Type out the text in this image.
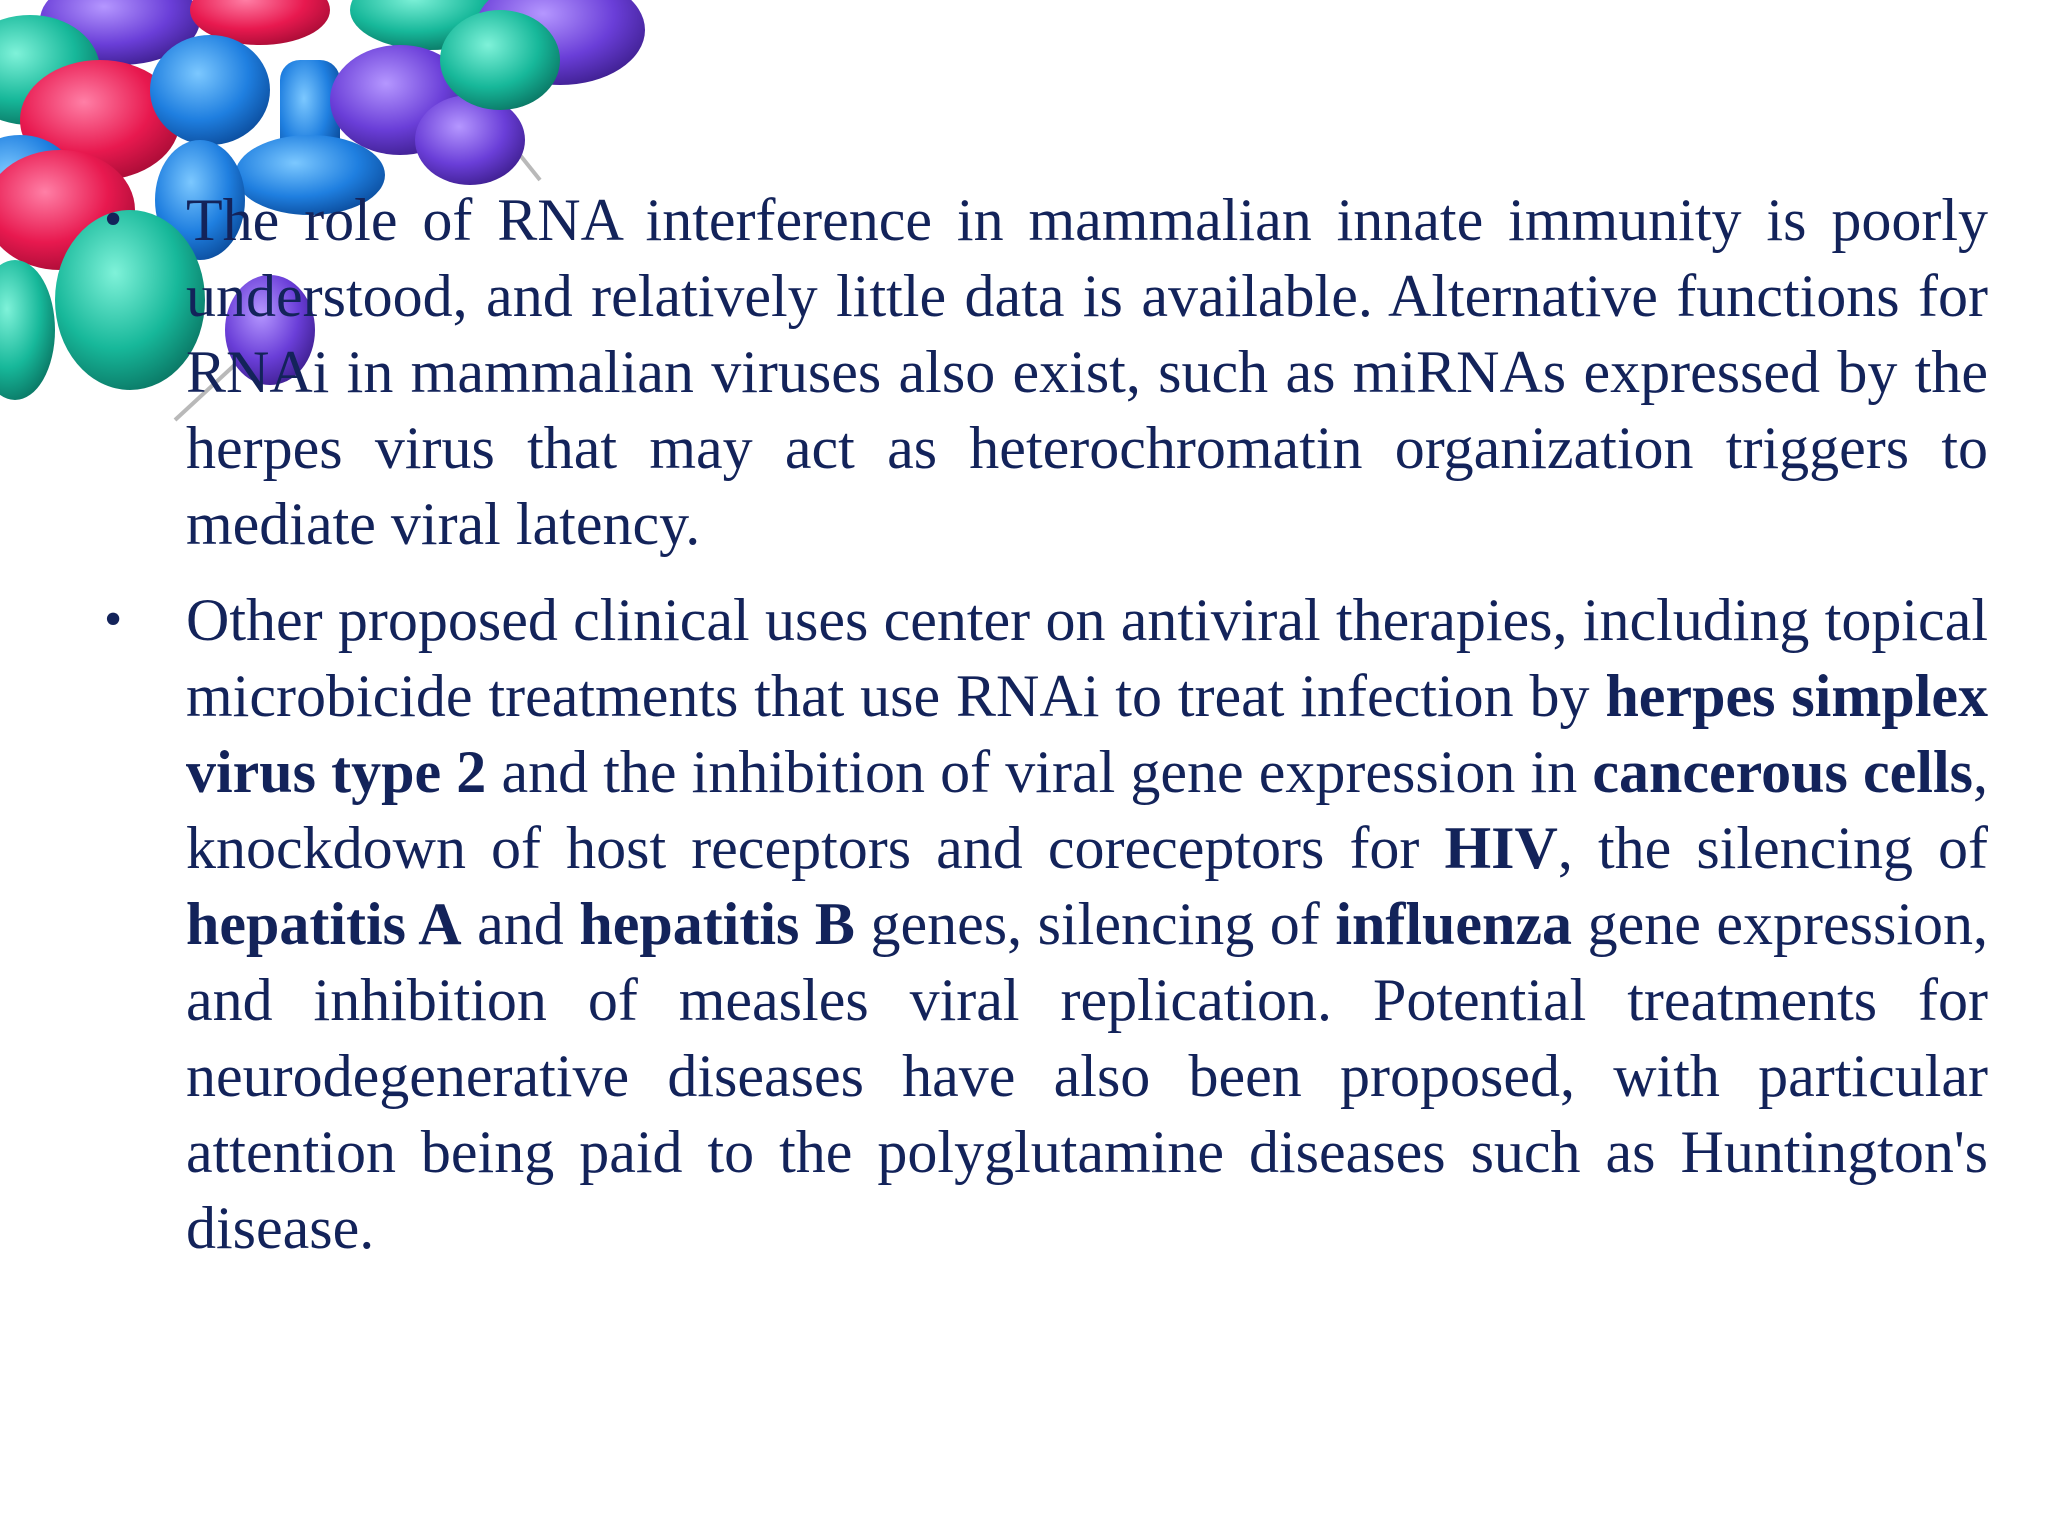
• The role of RNA interference in mammalian innate immunity is poorly understood, and relatively little data is available. Alternative functions for RNAi in mammalian viruses also exist, such as miRNAs expressed by the herpes virus that may act as heterochromatin organization triggers to mediate viral latency.
• Other proposed clinical uses center on antiviral therapies, including topical microbicide treatments that use RNAi to treat infection by herpes simplex virus type 2 and the inhibition of viral gene expression in cancerous cells, knockdown of host receptors and coreceptors for HIV, the silencing of hepatitis A and hepatitis B genes, silencing of influenza gene expression, and inhibition of measles viral replication. Potential treatments for neurodegenerative diseases have also been proposed, with particular attention being paid to the polyglutamine diseases such as Huntington's disease.
